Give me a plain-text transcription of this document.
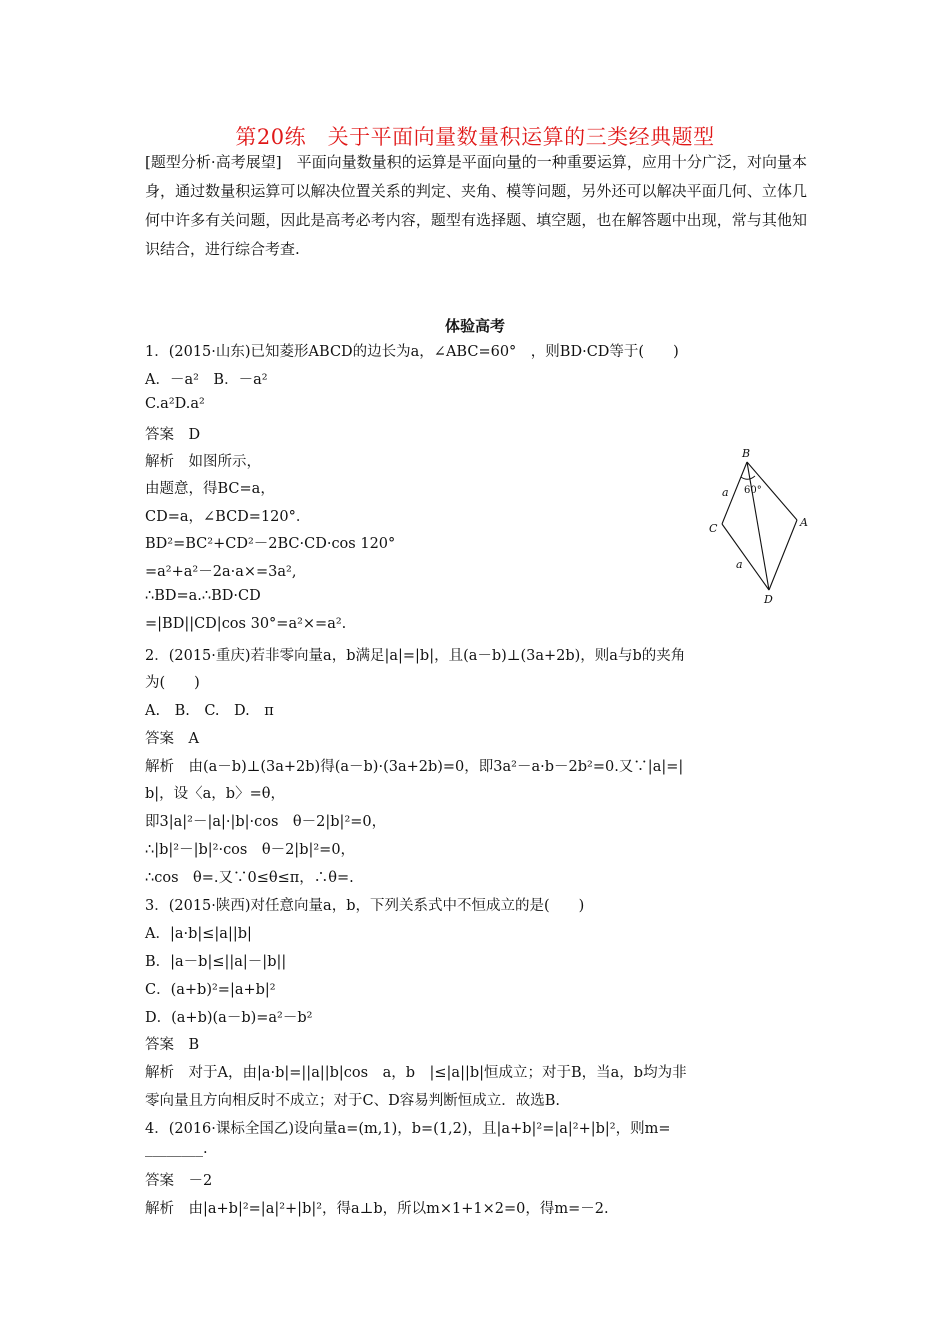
第20练　关于平面向量数量积运算的三类经典题型
[题型分析·高考展望]　平面向量数量积的运算是平面向量的一种重要运算，应用十分广泛，对向量本身，通过数量积运算可以解决位置关系的判定、夹角、模等问题，另外还可以解决平面几何、立体几何中许多有关问题，因此是高考必考内容，题型有选择题、填空题，也在解答题中出现，常与其他知识结合，进行综合考查.
体验高考
1．(2015·山东)已知菱形ABCD的边长为a，∠ABC=60°　，则BD·CD等于(　　)
A．－a²　B．－a²
C.a²D.a²
答案　D
解析　如图所示，
由题意，得BC=a，
CD=a，∠BCD=120°．
BD²=BC²+CD²－2BC·CD·cos 120°
=a²+a²－2a·a×=3a²,
∴BD=a.∴BD·CD
=|BD||CD|cos 30°=a²×=a².
2．(2015·重庆)若非零向量a，b满足|a|=|b|，且(a－b)⊥(3a+2b)，则a与b的夹角
为(　　)
A.　B.　C.　D.　π
答案　A
解析　由(a－b)⊥(3a+2b)得(a－b)·(3a+2b)=0，即3a²－a·b－2b²=0.又∵|a|=|
b|，设〈a，b〉=θ，
即3|a|²－|a|·|b|·cos　θ－2|b|²=0，
∴|b|²－|b|²·cos　θ－2|b|²=0，
∴cos　θ=.又∵0≤θ≤π，∴θ=.
3．(2015·陕西)对任意向量a，b，下列关系式中不恒成立的是(　　)
A．|a·b|≤|a||b|
B．|a－b|≤||a|－|b||
C．(a+b)²=|a+b|²
D．(a+b)(a－b)=a²－b²
答案　B
解析　对于A，由|a·b|=||a||b|cos　a，b　|≤|a||b|恒成立；对于B，当a，b均为非
零向量且方向相反时不成立；对于C、D容易判断恒成立．故选B.
4．(2016·课标全国乙)设向量a=(m,1)，b=(1,2)，且|a+b|²=|a|²+|b|²，则m=
________.
答案　－2
解析　由|a+b|²=|a|²+|b|²，得a⊥b，所以m×1+1×2=0，得m=－2.
B
A
C
D
60°
a
a
